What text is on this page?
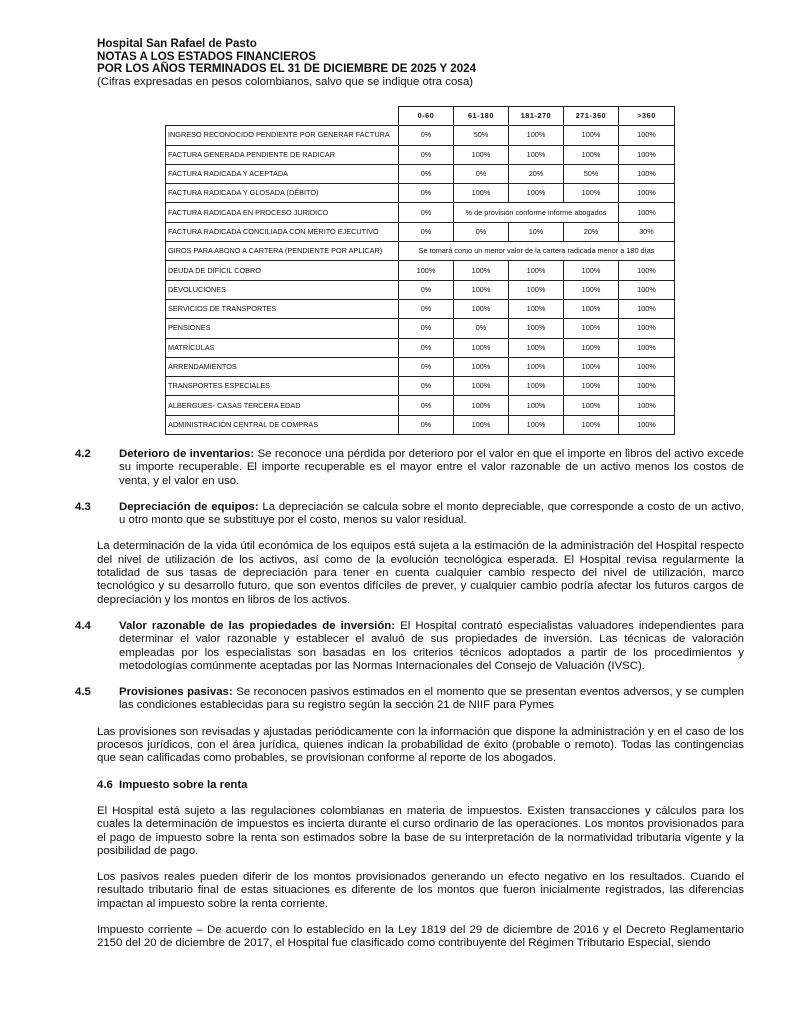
Hospital San Rafael de Pasto
NOTAS A LOS ESTADOS FINANCIEROS
POR LOS AÑOS TERMINADOS EL 31 DE DICIEMBRE DE 2025 Y 2024
(Cifras expresadas en pesos colombianos, salvo que se indique otra cosa)
	0-60	61-180	181-270	271-360	>360
INGRESO RECONOCIDO PENDIENTE POR GENERAR FACTURA	0%	50%	100%	100%	100%
FACTURA GENERADA PENDIENTE DE RADICAR	0%	100%	100%	100%	100%
FACTURA RADICADA Y ACEPTADA	0%	0%	20%	50%	100%
FACTURA RADICADA Y GLOSADA (DÉBITO)	0%	100%	100%	100%	100%
FACTURA RADICADA EN PROCESO JURIDICO	0%	% de provisión conforme informe abogados			100%
FACTURA RADICADA CONCILIADA CON MÉRITO EJECUTIVO	0%	0%	10%	20%	30%
GIROS PARA ABONO A CARTERA (PENDIENTE POR APLICAR)	Se tomará como un menor valor de la cartera radicada menor a 180 días				
DEUDA DE DIFÍCIL COBRO	100%	100%	100%	100%	100%
DEVOLUCIONES	0%	100%	100%	100%	100%
SERVICIOS DE TRANSPORTES	0%	100%	100%	100%	100%
PENSIONES	0%	0%	100%	100%	100%
MATRÍCULAS	0%	100%	100%	100%	100%
ARRENDAMIENTOS	0%	100%	100%	100%	100%
TRANSPORTES ESPECIALES	0%	100%	100%	100%	100%
ALBERGUES- CASAS TERCERA EDAD	0%	100%	100%	100%	100%
ADMINISTRACIÓN CENTRAL DE COMPRAS	0%	100%	100%	100%	100%

4.2 Deterioro de inventarios: Se reconoce una pérdida por deterioro por el valor en que el importe en libros del activo excede su importe recuperable. El importe recuperable es el mayor entre el valor razonable de un activo menos los costos de venta, y el valor en uso.

4.3 Depreciación de equipos: La depreciación se calcula sobre el monto depreciable, que corresponde a costo de un activo, u otro monto que se substituye por el costo, menos su valor residual.

La determinación de la vida útil económica de los equipos está sujeta a la estimación de la administración del Hospital respecto del nivel de utilización de los activos, así como de la evolución tecnológica esperada. El Hospital revisa regularmente la totalidad de sus tasas de depreciación para tener en cuenta cualquier cambio respecto del nivel de utilización, marco tecnológico y su desarrollo futuro, que son eventos difíciles de prever, y cualquier cambio podría afectar los futuros cargos de depreciación y los montos en libros de los activos.

4.4 Valor razonable de las propiedades de inversión: El Hospital contrató especialistas valuadores independientes para determinar el valor razonable y establecer el avaluó de sus propiedades de inversión. Las técnicas de valoración empleadas por los especialistas son basadas en los criterios técnicos adoptados a partir de los procedimientos y metodologías comúnmente aceptadas por las Normas Internacionales del Consejo de Valuación (IVSC).

4.5 Provisiones pasivas: Se reconocen pasivos estimados en el momento que se presentan eventos adversos, y se cumplen las condiciones establecidas para su registro según la sección 21 de NIIF para Pymes

Las provisiones son revisadas y ajustadas periódicamente con la información que dispone la administración y en el caso de los procesos jurídicos, con el área jurídica, quienes indican la probabilidad de éxito (probable o remoto). Todas las contingencias que sean calificadas como probables, se provisionan conforme al reporte de los abogados.

4.6 Impuesto sobre la renta

El Hospital está sujeto a las regulaciones colombianas en materia de impuestos. Existen transacciones y cálculos para los cuales la determinación de impuestos es incierta durante el curso ordinario de las operaciones. Los montos provisionados para el pago de impuesto sobre la renta son estimados sobre la base de su interpretación de la normatividad tributaria vigente y la posibilidad de pago.

Los pasivos reales pueden diferir de los montos provisionados generando un efecto negativo en los resultados. Cuando el resultado tributario final de estas situaciones es diferente de los montos que fueron inicialmente registrados, las diferencias impactan al impuesto sobre la renta corriente.

Impuesto corriente – De acuerdo con lo establecido en la Ley 1819 del 29 de diciembre de 2016 y el Decreto Reglamentario 2150 del 20 de diciembre de 2017, el Hospital fue clasificado como contribuyente del Régimen Tributario Especial, siendo
